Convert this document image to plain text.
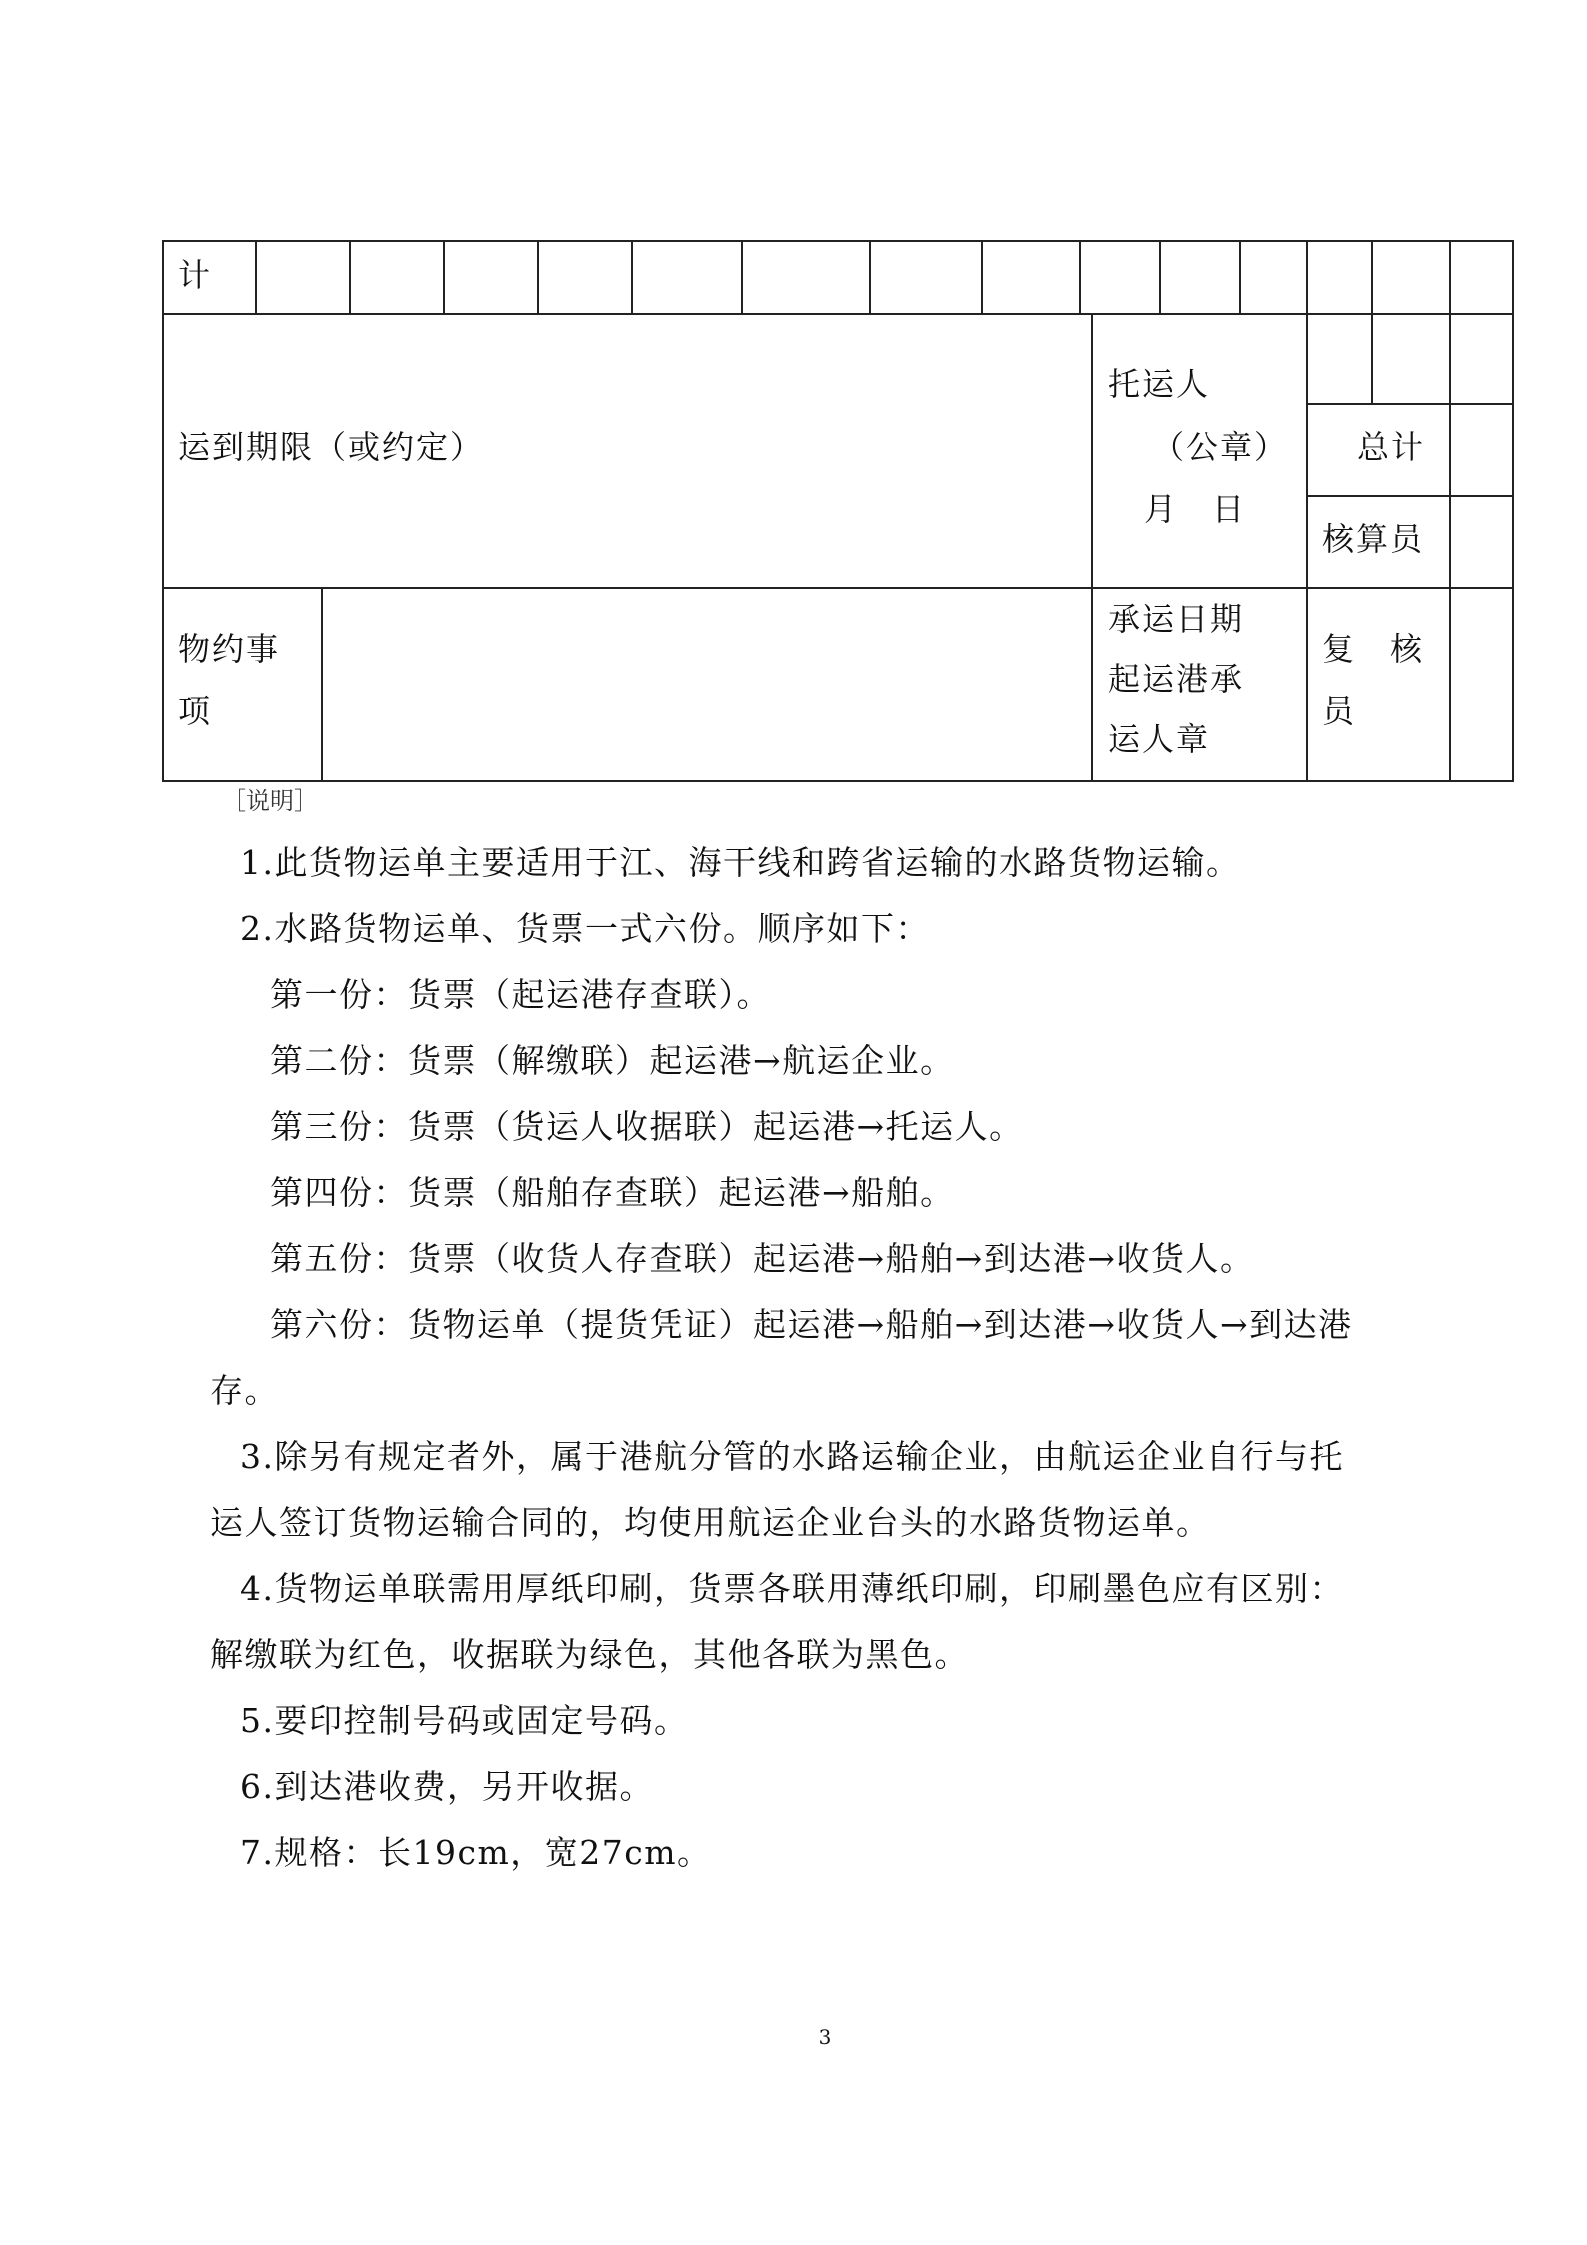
计
运到期限（或约定）
托运人
（公章）
月　日
总计
核算员
物约事
项
承运日期
起运港承
运人章
复　核
员
［说明］
1.此货物运单主要适用于江、海干线和跨省运输的水路货物运输。
2.水路货物运单、货票一式六份。顺序如下：
第一份：货票（起运港存查联）。
第二份：货票（解缴联）起运港→航运企业。
第三份：货票（货运人收据联）起运港→托运人。
第四份：货票（船舶存查联）起运港→船舶。
第五份：货票（收货人存查联）起运港→船舶→到达港→收货人。
第六份：货物运单（提货凭证）起运港→船舶→到达港→收货人→到达港
存。
3.除另有规定者外，属于港航分管的水路运输企业，由航运企业自行与托
运人签订货物运输合同的，均使用航运企业台头的水路货物运单。
4.货物运单联需用厚纸印刷，货票各联用薄纸印刷，印刷墨色应有区别：
解缴联为红色，收据联为绿色，其他各联为黑色。
5.要印控制号码或固定号码。
6.到达港收费，另开收据。
7.规格：长19cm，宽27cm。
3
